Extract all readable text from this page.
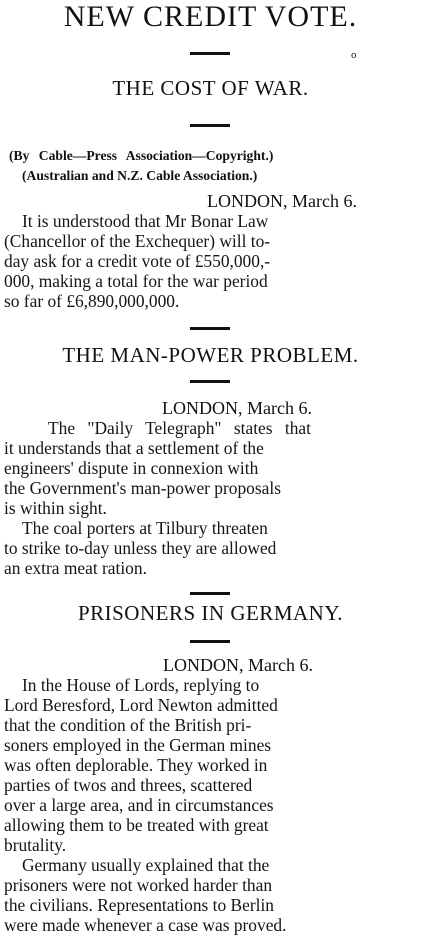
NEW CREDIT VOTE.
o
THE COST OF WAR.
(By Cable—Press Association—Copyright.)
(Australian and N.Z. Cable Association.)
LONDON, March 6.
It is understood that Mr Bonar Law
(Chancellor of the Exchequer) will to-
day ask for a credit vote of £550,000,-
000, making a total for the war period
so far of £6,890,000,000.
THE MAN-POWER PROBLEM.
LONDON, March 6.
The "Daily Telegraph" states that
it understands that a settlement of the
engineers' dispute in connexion with
the Government's man-power proposals
is within sight.
The coal porters at Tilbury threaten
to strike to-day unless they are allowed
an extra meat ration.
PRISONERS IN GERMANY.
LONDON, March 6.
In the House of Lords, replying to
Lord Beresford, Lord Newton admitted
that the condition of the British pri-
soners employed in the German mines
was often deplorable. They worked in
parties of twos and threes, scattered
over a large area, and in circumstances
allowing them to be treated with great
brutality.
Germany usually explained that the
prisoners were not worked harder than
the civilians. Representations to Berlin
were made whenever a case was proved.
